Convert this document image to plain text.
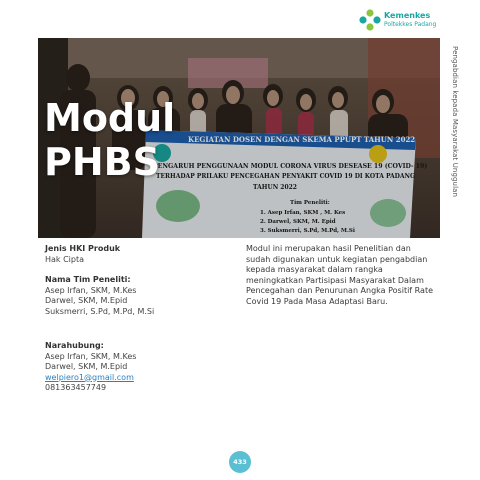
Kemenkes
Poltekkes Padang
KEGIATAN DOSEN DENGAN SKEMA PPUPT TAHUN 2022
PENGARUH PENGGUNAAN MODUL CORONA VIRUS DESEASE 19 (COVID- 19)
TERHADAP PRILAKU PENCEGAHAN PENYAKIT COVID 19 DI KOTA PADANG
TAHUN 2022
Tim Peneliti:
1. Asep Irfan, SKM , M. Kes
2. Darwel, SKM, M. Epid
3. Suksmerri, S.Pd, M.Pd, M.Si
Modul
PHBS	Pengabdian kepada Masyarakat Unggulan
Jenis HKI Produk
Hak Cipta
Nama Tim Peneliti:
Asep Irfan, SKM, M.Kes
Darwel, SKM, M.Epid
Suksmerri, S.Pd, M.Pd, M.Si
Narahubung:
Asep Irfan, SKM, M.Kes
Darwel, SKM, M.Epid
welpiero1@gmail.com
081363457749

Modul ini merupakan hasil Penelitian dan sudah digunakan untuk kegiatan pengabdian kepada masyarakat dalam rangka meningkatkan Partisipasi Masyarakat Dalam Pencegahan dan Penurunan Angka Positif Rate Covid 19 Pada Masa Adaptasi Baru.

433
